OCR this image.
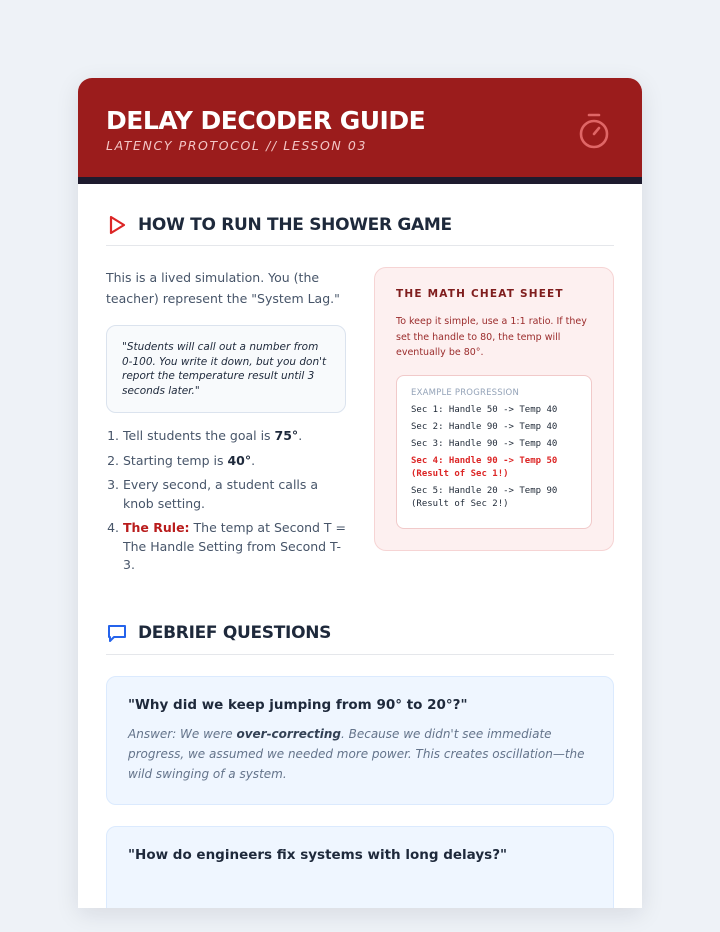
DELAY DECODER GUIDE
LATENCY PROTOCOL // LESSON 03
HOW TO RUN THE SHOWER GAME
This is a lived simulation. You (the teacher) represent the "System Lag."
"Students will call out a number from 0-100. You write it down, but you don't report the temperature result until 3 seconds later."
1. Tell students the goal is 75°.
2. Starting temp is 40°.
3. Every second, a student calls a knob setting.
4. The Rule: The temp at Second T = The Handle Setting from Second T-3.
THE MATH CHEAT SHEET

To keep it simple, use a 1:1 ratio. If they set the handle to 80, the temp will eventually be 80°.

EXAMPLE PROGRESSION
Sec 1: Handle 50 -> Temp 40
Sec 2: Handle 90 -> Temp 40
Sec 3: Handle 90 -> Temp 40
Sec 4: Handle 90 -> Temp 50
(Result of Sec 1!)
Sec 5: Handle 20 -> Temp 90
(Result of Sec 2!)
DEBRIEF QUESTIONS
"Why did we keep jumping from 90° to 20°?"
Answer: We were over-correcting. Because we didn't see immediate progress, we assumed we needed more power. This creates oscillation—the wild swinging of a system.
"How do engineers fix systems with long delays?"
